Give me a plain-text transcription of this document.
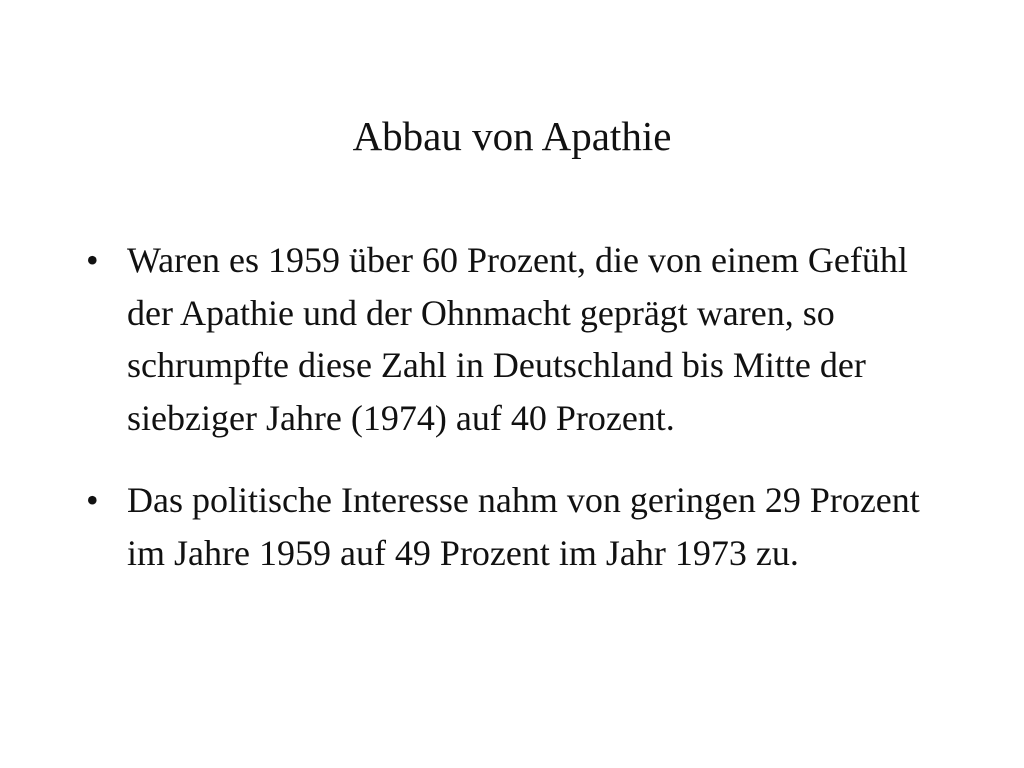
Abbau von Apathie
• Waren es 1959 über 60 Prozent, die von einem Gefühl der Apathie und der Ohnmacht geprägt waren, so schrumpfte diese Zahl in Deutschland bis Mitte der siebziger Jahre (1974) auf 40 Prozent.
• Das politische Interesse nahm von geringen 29 Prozent im Jahre 1959 auf 49 Prozent im Jahr 1973 zu.
